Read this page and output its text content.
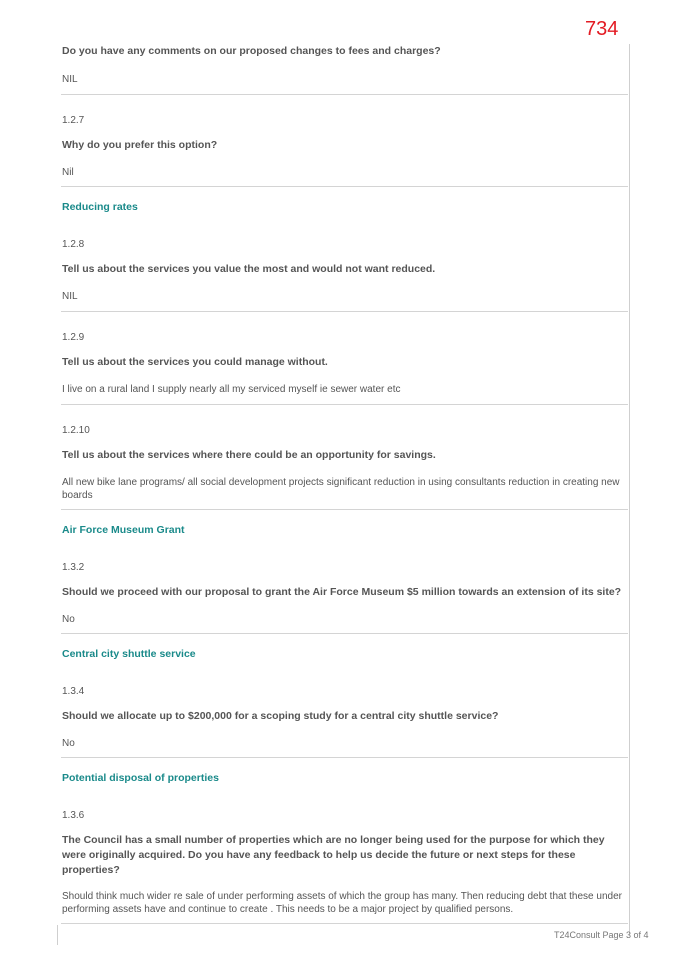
734
Do you have any comments on our proposed changes to fees and charges?
NIL
1.2.7
Why do you prefer this option?
Nil
Reducing rates
1.2.8
Tell us about the services you value the most and would not want reduced.
NIL
1.2.9
Tell us about the services you could manage without.
I live on a rural land I supply nearly all my serviced myself ie sewer water etc
1.2.10
Tell us about the services where there could be an opportunity for savings.
All new bike lane programs/ all social development projects significant reduction in using consultants reduction in creating new boards
Air Force Museum Grant
1.3.2
Should we proceed with our proposal to grant the Air Force Museum $5 million towards an extension of its site?
No
Central city shuttle service
1.3.4
Should we allocate up to $200,000 for a scoping study for a central city shuttle service?
No
Potential disposal of properties
1.3.6
The Council has a small number of properties which are no longer being used for the purpose for which they were originally acquired. Do you have any feedback to help us decide the future or next steps for these properties?
Should think much wider re sale of under performing assets of which the group has many. Then reducing debt that these under performing assets have and continue to create . This needs to be a major project by qualified persons.
T24Consult Page 3 of 4
